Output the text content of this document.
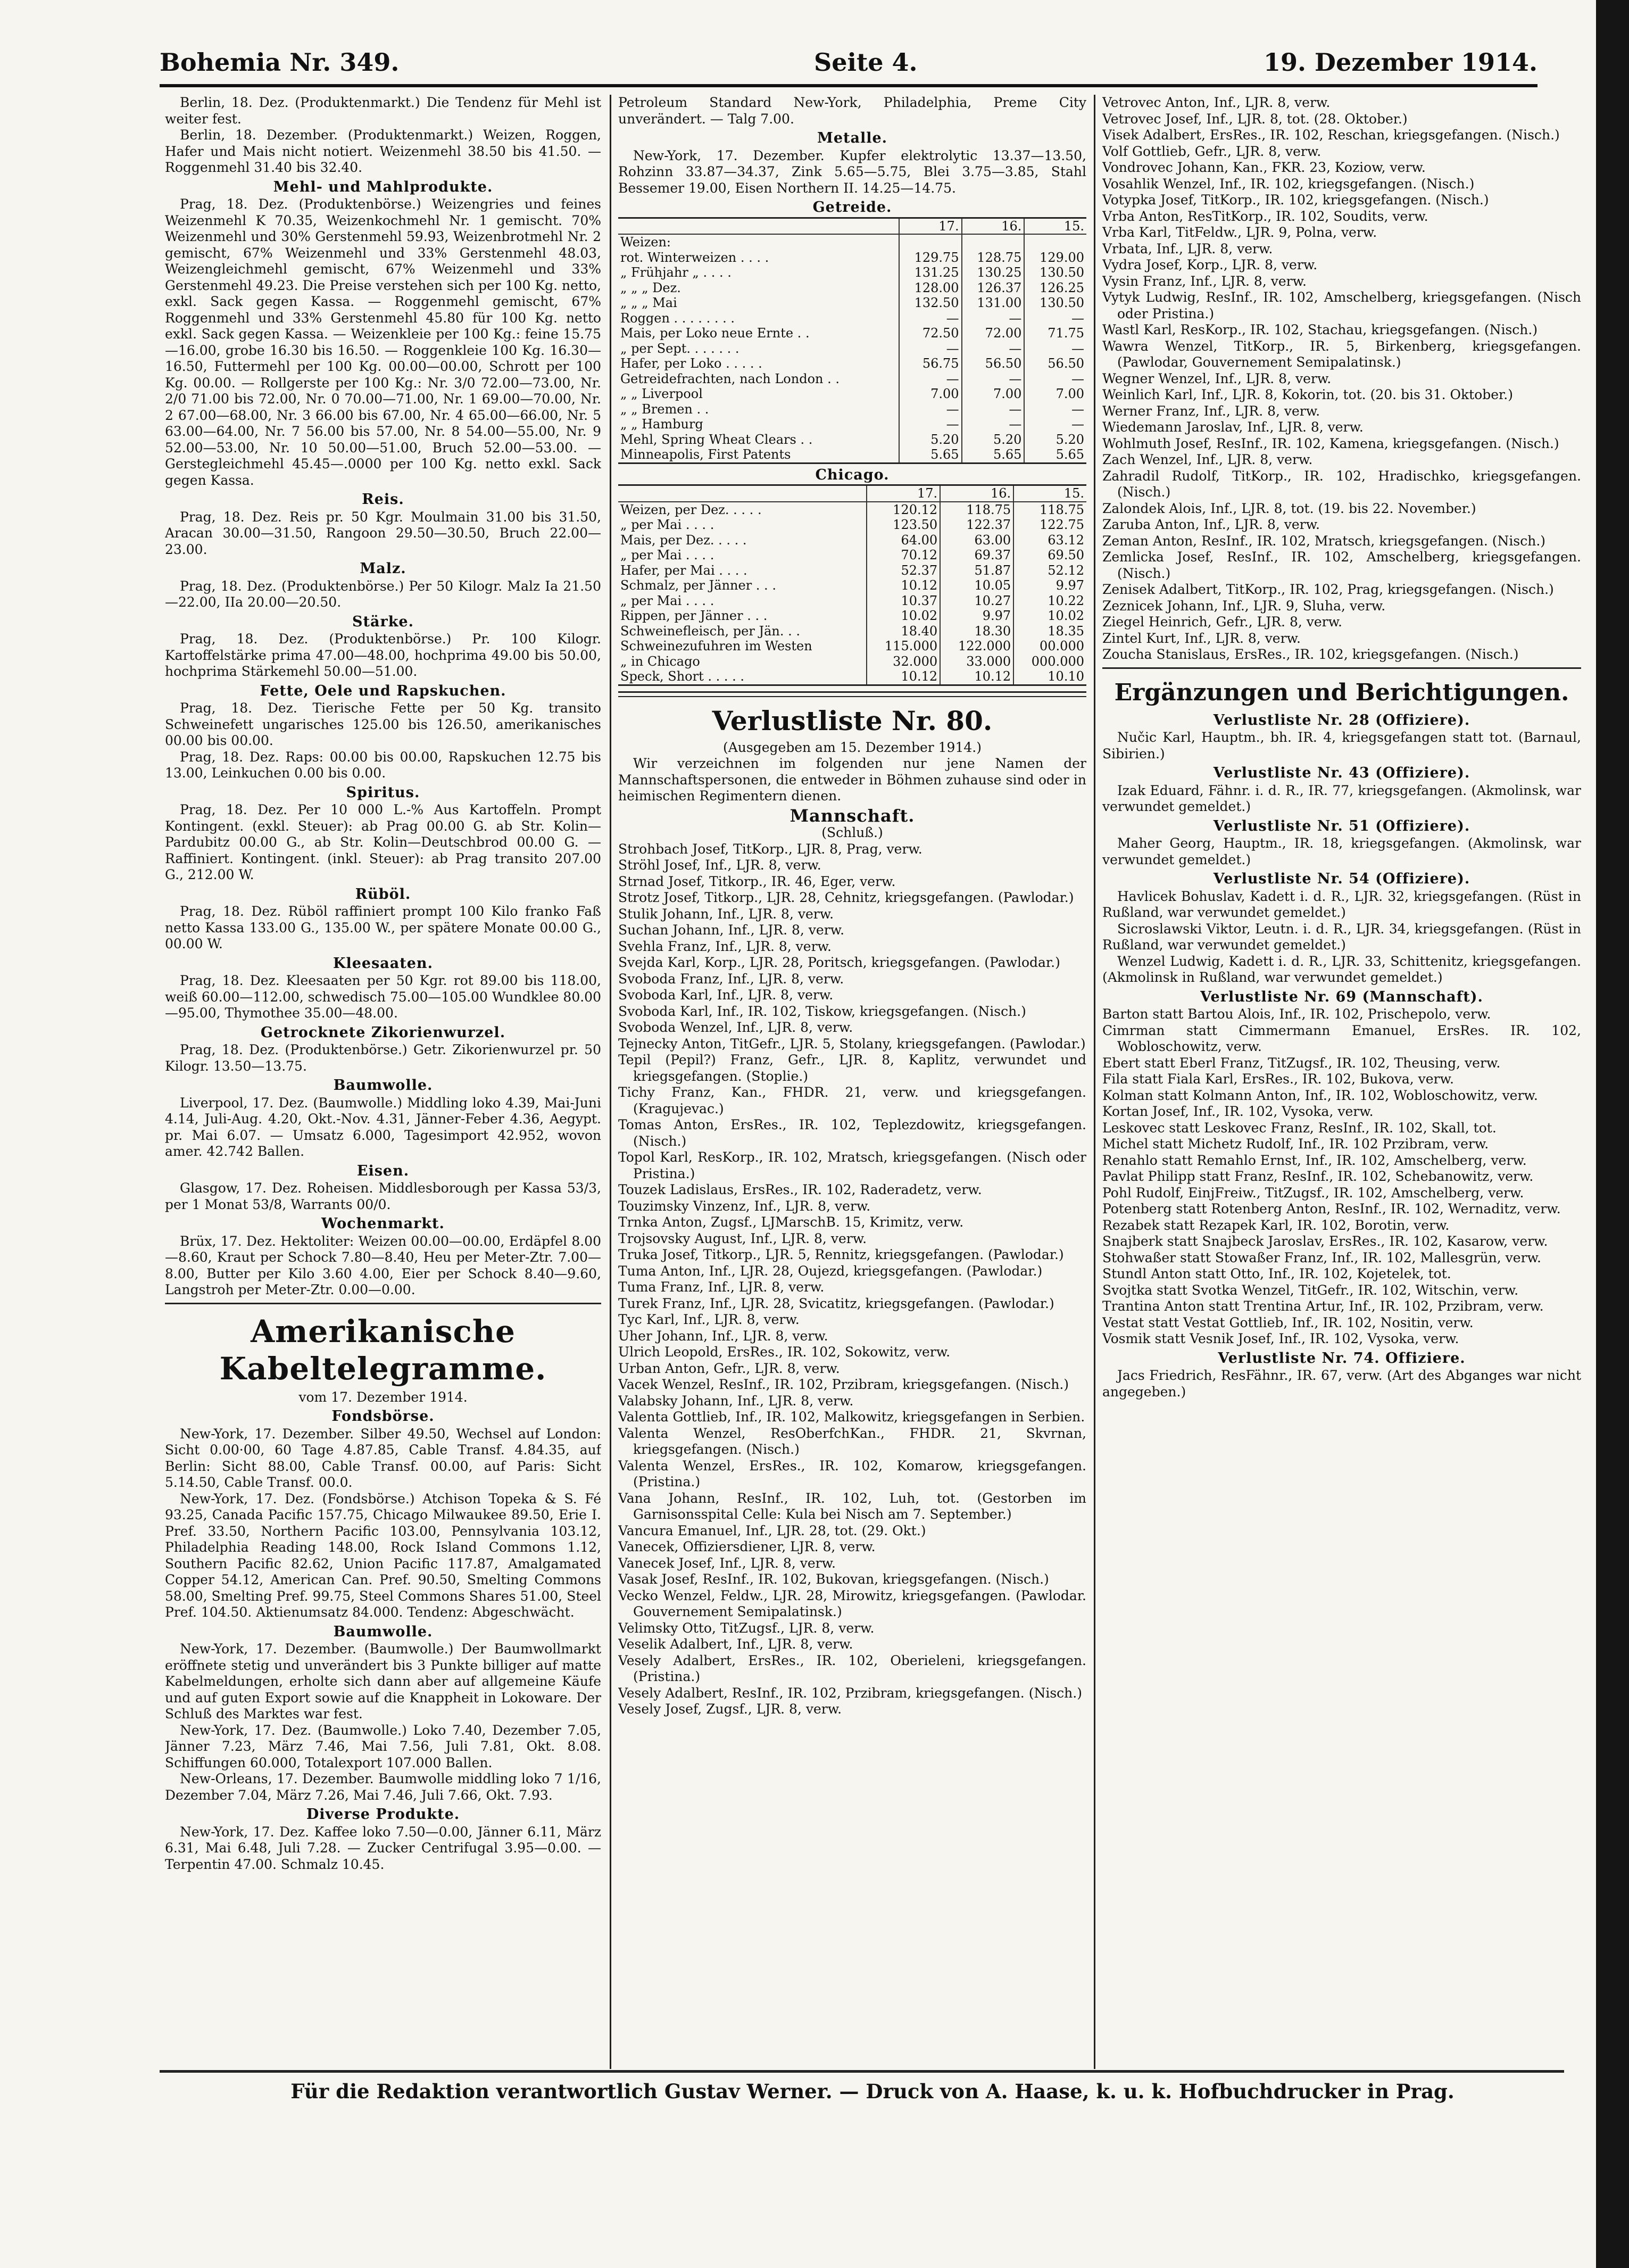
Bohemia Nr. 349.	Seite 4.	19. Dezember 1914.

Berlin, 18. Dez. (Produktenmarkt.) Die Tendenz für Mehl ist weiter fest.

Berlin, 18. Dezember. (Produktenmarkt.) Weizen, Roggen, Hafer und Mais nicht notiert. Weizenmehl 38.50 bis 41.50. — Roggenmehl 31.40 bis 32.40.

Mehl- und Mahlprodukte.

Prag, 18. Dez. (Produktenbörse.) Weizengries und feines Weizenmehl K 70.35, Weizenkochmehl Nr. 1 gemischt. 70% Weizenmehl und 30% Gerstenmehl 59.93, Weizenbrotmehl Nr. 2 gemischt, 67% Weizenmehl und 33% Gerstenmehl 48.03, Weizengleichmehl gemischt, 67% Weizenmehl und 33% Gerstenmehl 49.23. Die Preise verstehen sich per 100 Kg. netto, exkl. Sack gegen Kassa. — Roggenmehl gemischt, 67% Roggenmehl und 33% Gerstenmehl 45.80 für 100 Kg. netto exkl. Sack gegen Kassa. — Weizenkleie per 100 Kg.: feine 15.75—16.00, grobe 16.30 bis 16.50. — Roggenkleie 100 Kg. 16.30—16.50, Futtermehl per 100 Kg. 00.00—00.00, Schrott per 100 Kg. 00.00. — Rollgerste per 100 Kg.: Nr. 3/0 72.00—73.00, Nr. 2/0 71.00 bis 72.00, Nr. 0 70.00—71.00, Nr. 1 69.00—70.00, Nr. 2 67.00—68.00, Nr. 3 66.00 bis 67.00, Nr. 4 65.00—66.00, Nr. 5 63.00—64.00, Nr. 7 56.00 bis 57.00, Nr. 8 54.00—55.00, Nr. 9 52.00—53.00, Nr. 10 50.00—51.00, Bruch 52.00—53.00. — Gerstegleichmehl 45.45—.0000 per 100 Kg. netto exkl. Sack gegen Kassa.

Reis.

Prag, 18. Dez. Reis pr. 50 Kgr. Moulmain 31.00 bis 31.50, Aracan 30.00—31.50, Rangoon 29.50—30.50, Bruch 22.00—23.00.

Malz.

Prag, 18. Dez. (Produktenbörse.) Per 50 Kilogr. Malz Ia 21.50—22.00, IIa 20.00—20.50.

Stärke.

Prag, 18. Dez. (Produktenbörse.) Pr. 100 Kilogr. Kartoffelstärke prima 47.00—48.00, hochprima 49.00 bis 50.00, hochprima Stärkemehl 50.00—51.00.

Fette, Oele und Rapskuchen.

Prag, 18. Dez. Tierische Fette per 50 Kg. transito Schweinefett ungarisches 125.00 bis 126.50, amerikanisches 00.00 bis 00.00.

Prag, 18. Dez. Raps: 00.00 bis 00.00, Rapskuchen 12.75 bis 13.00, Leinkuchen 0.00 bis 0.00.

Spiritus.

Prag, 18. Dez. Per 10 000 L.-% Aus Kartoffeln. Prompt Kontingent. (exkl. Steuer): ab Prag 00.00 G. ab Str. Kolin—Pardubitz 00.00 G., ab Str. Kolin—Deutschbrod 00.00 G. — Raffiniert. Kontingent. (inkl. Steuer): ab Prag transito 207.00 G., 212.00 W.

Rüböl.

Prag, 18. Dez. Rüböl raffiniert prompt 100 Kilo franko Faß netto Kassa 133.00 G., 135.00 W., per spätere Monate 00.00 G., 00.00 W.

Kleesaaten.

Prag, 18. Dez. Kleesaaten per 50 Kgr. rot 89.00 bis 118.00, weiß 60.00—112.00, schwedisch 75.00—105.00 Wundklee 80.00—95.00, Thymothee 35.00—48.00.

Getrocknete Zikorienwurzel.

Prag, 18. Dez. (Produktenbörse.) Getr. Zikorienwurzel pr. 50 Kilogr. 13.50—13.75.

Baumwolle.

Liverpool, 17. Dez. (Baumwolle.) Middling loko 4.39, Mai-Juni 4.14, Juli-Aug. 4.20, Okt.-Nov. 4.31, Jänner-Feber 4.36, Aegypt. pr. Mai 6.07. — Umsatz 6.000, Tagesimport 42.952, wovon amer. 42.742 Ballen.

Eisen.

Glasgow, 17. Dez. Roheisen. Middlesborough per Kassa 53/3, per 1 Monat 53/8, Warrants 00/0.

Wochenmarkt.

Brüx, 17. Dez. Hektoliter: Weizen 00.00—00.00, Erdäpfel 8.00—8.60, Kraut per Schock 7.80—8.40, Heu per Meter-Ztr. 7.00—8.00, Butter per Kilo 3.60 4.00, Eier per Schock 8.40—9.60, Langstroh per Meter-Ztr. 0.00—0.00.

Amerikanische Kabeltelegramme.
vom 17. Dezember 1914.
Fondsbörse.

New-York, 17. Dezember. Silber 49.50, Wechsel auf London: Sicht 0.00·00, 60 Tage 4.87.85, Cable Transf. 4.84.35, auf Berlin: Sicht 88.00, Cable Transf. 00.00, auf Paris: Sicht 5.14.50, Cable Transf. 00.0.

New-York, 17. Dez. (Fondsbörse.) Atchison Topeka & S. Fé 93.25, Canada Pacific 157.75, Chicago Milwaukee 89.50, Erie I. Pref. 33.50, Northern Pacific 103.00, Pennsylvania 103.12, Philadelphia Reading 148.00, Rock Island Commons 1.12, Southern Pacific 82.62, Union Pacific 117.87, Amalgamated Copper 54.12, American Can. Pref. 90.50, Smelting Commons 58.00, Smelting Pref. 99.75, Steel Commons Shares 51.00, Steel Pref. 104.50. Aktienumsatz 84.000. Tendenz: Abgeschwächt.

Baumwolle.

New-York, 17. Dezember. (Baumwolle.) Der Baumwollmarkt eröffnete stetig und unverändert bis 3 Punkte billiger auf matte Kabelmeldungen, erholte sich dann aber auf allgemeine Käufe und auf guten Export sowie auf die Knappheit in Lokoware. Der Schluß des Marktes war fest.

New-York, 17. Dez. (Baumwolle.) Loko 7.40, Dezember 7.05, Jänner 7.23, März 7.46, Mai 7.56, Juli 7.81, Okt. 8.08. Schiffungen 60.000, Totalexport 107.000 Ballen.

New-Orleans, 17. Dezember. Baumwolle middling loko 7 1/16, Dezember 7.04, März 7.26, Mai 7.46, Juli 7.66, Okt. 7.93.

Diverse Produkte.

New-York, 17. Dez. Kaffee loko 7.50—0.00, Jänner 6.11, März 6.31, Mai 6.48, Juli 7.28. — Zucker Centrifugal 3.95—0.00. — Terpentin 47.00. Schmalz 10.45.

Petroleum Standard New-York, Philadelphia, Preme City unverändert. — Talg 7.00.

Metalle.

New-York, 17. Dezember. Kupfer elektrolytic 13.37—13.50, Rohzinn 33.87—34.37, Zink 5.65—5.75, Blei 3.75—3.85, Stahl Bessemer 19.00, Eisen Northern II. 14.25—14.75.

Getreide.
	17.	16.	15.
Weizen:			
rot. Winterweizen . . . .	129.75	128.75	129.00
„ Frühjahr „ . . . .	131.25	130.25	130.50
„ „ „ Dez.	128.00	126.37	126.25
„ „ „ Mai	132.50	131.00	130.50
Roggen . . . . . . . .	—	—	—
Mais, per Loko neue Ernte . .	72.50	72.00	71.75
„ per Sept. . . . . . .	—	—	—
Hafer, per Loko . . . . .	56.75	56.50	56.50
Getreidefrachten, nach London . .	—	—	—
„ „ Liverpool	7.00	7.00	7.00
„ „ Bremen . .	—	—	—
„ „ Hamburg	—	—	—
Mehl, Spring Wheat Clears . .	5.20	5.20	5.20
Minneapolis, First Patents	5.65	5.65	5.65
Chicago.
	17.	16.	15.
Weizen, per Dez. . . . .	120.12	118.75	118.75
„ per Mai . . . .	123.50	122.37	122.75
Mais, per Dez. . . . .	64.00	63.00	63.12
„ per Mai . . . .	70.12	69.37	69.50
Hafer, per Mai . . . .	52.37	51.87	52.12
Schmalz, per Jänner . . .	10.12	10.05	9.97
„ per Mai . . . .	10.37	10.27	10.22
Rippen, per Jänner . . .	10.02	9.97	10.02
Schweinefleisch, per Jän. . .	18.40	18.30	18.35
Schweinezufuhren im Westen	115.000	122.000	00.000
„ in Chicago	32.000	33.000	000.000
Speck, Short . . . . .	10.12	10.12	10.10
Verlustliste Nr. 80.
(Ausgegeben am 15. Dezember 1914.)

Wir verzeichnen im folgenden nur jene Namen der Mannschaftspersonen, die entweder in Böhmen zuhause sind oder in heimischen Regimentern dienen.

Mannschaft.
(Schluß.)

Strohbach Josef, TitKorp., LJR. 8, Prag, verw.

Ströhl Josef, Inf., LJR. 8, verw.

Strnad Josef, Titkorp., IR. 46, Eger, verw.

Strotz Josef, Titkorp., LJR. 28, Cehnitz, kriegsgefangen. (Pawlodar.)

Stulik Johann, Inf., LJR. 8, verw.

Suchan Johann, Inf., LJR. 8, verw.

Svehla Franz, Inf., LJR. 8, verw.

Svejda Karl, Korp., LJR. 28, Poritsch, kriegsgefangen. (Pawlodar.)

Svoboda Franz, Inf., LJR. 8, verw.

Svoboda Karl, Inf., LJR. 8, verw.

Svoboda Karl, Inf., IR. 102, Tiskow, kriegsgefangen. (Nisch.)

Svoboda Wenzel, Inf., LJR. 8, verw.

Tejnecky Anton, TitGefr., LJR. 5, Stolany, kriegsgefangen. (Pawlodar.)

Tepil (Pepil?) Franz, Gefr., LJR. 8, Kaplitz, verwundet und kriegsgefangen. (Stoplie.)

Tichy Franz, Kan., FHDR. 21, verw. und kriegsgefangen. (Kragujevac.)

Tomas Anton, ErsRes., IR. 102, Teplezdowitz, kriegsgefangen. (Nisch.)

Topol Karl, ResKorp., IR. 102, Mratsch, kriegsgefangen. (Nisch oder Pristina.)

Touzek Ladislaus, ErsRes., IR. 102, Raderadetz, verw.

Touzimsky Vinzenz, Inf., LJR. 8, verw.

Trnka Anton, Zugsf., LJMarschB. 15, Krimitz, verw.

Trojsovsky August, Inf., LJR. 8, verw.

Truka Josef, Titkorp., LJR. 5, Rennitz, kriegsgefangen. (Pawlodar.)

Tuma Anton, Inf., LJR. 28, Oujezd, kriegsgefangen. (Pawlodar.)

Tuma Franz, Inf., LJR. 8, verw.

Turek Franz, Inf., LJR. 28, Svicatitz, kriegsgefangen. (Pawlodar.)

Tyc Karl, Inf., LJR. 8, verw.

Uher Johann, Inf., LJR. 8, verw.

Ulrich Leopold, ErsRes., IR. 102, Sokowitz, verw.

Urban Anton, Gefr., LJR. 8, verw.

Vacek Wenzel, ResInf., IR. 102, Przibram, kriegsgefangen. (Nisch.)

Valabsky Johann, Inf., LJR. 8, verw.

Valenta Gottlieb, Inf., IR. 102, Malkowitz, kriegsgefangen in Serbien.

Valenta Wenzel, ResOberfchKan., FHDR. 21, Skvrnan, kriegsgefangen. (Nisch.)

Valenta Wenzel, ErsRes., IR. 102, Komarow, kriegsgefangen. (Pristina.)

Vana Johann, ResInf., IR. 102, Luh, tot. (Gestorben im Garnisonsspital Celle: Kula bei Nisch am 7. September.)

Vancura Emanuel, Inf., LJR. 28, tot. (29. Okt.)

Vanecek, Offiziersdiener, LJR. 8, verw.

Vanecek Josef, Inf., LJR. 8, verw.

Vasak Josef, ResInf., IR. 102, Bukovan, kriegsgefangen. (Nisch.)

Vecko Wenzel, Feldw., LJR. 28, Mirowitz, kriegsgefangen. (Pawlodar. Gouvernement Semipalatinsk.)

Velimsky Otto, TitZugsf., LJR. 8, verw.

Veselik Adalbert, Inf., LJR. 8, verw.

Vesely Adalbert, ErsRes., IR. 102, Oberieleni, kriegsgefangen. (Pristina.)

Vesely Adalbert, ResInf., IR. 102, Przibram, kriegsgefangen. (Nisch.)

Vesely Josef, Zugsf., LJR. 8, verw.

Vetrovec Anton, Inf., LJR. 8, verw.

Vetrovec Josef, Inf., LJR. 8, tot. (28. Oktober.)

Visek Adalbert, ErsRes., IR. 102, Reschan, kriegsgefangen. (Nisch.)

Volf Gottlieb, Gefr., LJR. 8, verw.

Vondrovec Johann, Kan., FKR. 23, Koziow, verw.

Vosahlik Wenzel, Inf., IR. 102, kriegsgefangen. (Nisch.)

Votypka Josef, TitKorp., IR. 102, kriegsgefangen. (Nisch.)

Vrba Anton, ResTitKorp., IR. 102, Soudits, verw.

Vrba Karl, TitFeldw., LJR. 9, Polna, verw.

Vrbata, Inf., LJR. 8, verw.

Vydra Josef, Korp., LJR. 8, verw.

Vysin Franz, Inf., LJR. 8, verw.

Vytyk Ludwig, ResInf., IR. 102, Amschelberg, kriegsgefangen. (Nisch oder Pristina.)

Wastl Karl, ResKorp., IR. 102, Stachau, kriegsgefangen. (Nisch.)

Wawra Wenzel, TitKorp., IR. 5, Birkenberg, kriegsgefangen. (Pawlodar, Gouvernement Semipalatinsk.)

Wegner Wenzel, Inf., LJR. 8, verw.

Weinlich Karl, Inf., LJR. 8, Kokorin, tot. (20. bis 31. Oktober.)

Werner Franz, Inf., LJR. 8, verw.

Wiedemann Jaroslav, Inf., LJR. 8, verw.

Wohlmuth Josef, ResInf., IR. 102, Kamena, kriegsgefangen. (Nisch.)

Zach Wenzel, Inf., LJR. 8, verw.

Zahradil Rudolf, TitKorp., IR. 102, Hradischko, kriegsgefangen. (Nisch.)

Zalondek Alois, Inf., LJR. 8, tot. (19. bis 22. November.)

Zaruba Anton, Inf., LJR. 8, verw.

Zeman Anton, ResInf., IR. 102, Mratsch, kriegsgefangen. (Nisch.)

Zemlicka Josef, ResInf., IR. 102, Amschelberg, kriegsgefangen. (Nisch.)

Zenisek Adalbert, TitKorp., IR. 102, Prag, kriegsgefangen. (Nisch.)

Zeznicek Johann, Inf., LJR. 9, Sluha, verw.

Ziegel Heinrich, Gefr., LJR. 8, verw.

Zintel Kurt, Inf., LJR. 8, verw.

Zoucha Stanislaus, ErsRes., IR. 102, kriegsgefangen. (Nisch.)

Ergänzungen und Berichtigungen.
Verlustliste Nr. 28 (Offiziere).

Nučic Karl, Hauptm., bh. IR. 4, kriegsgefangen statt tot. (Barnaul, Sibirien.)

Verlustliste Nr. 43 (Offiziere).

Izak Eduard, Fähnr. i. d. R., IR. 77, kriegsgefangen. (Akmolinsk, war verwundet gemeldet.)

Verlustliste Nr. 51 (Offiziere).

Maher Georg, Hauptm., IR. 18, kriegsgefangen. (Akmolinsk, war verwundet gemeldet.)

Verlustliste Nr. 54 (Offiziere).

Havlicek Bohuslav, Kadett i. d. R., LJR. 32, kriegsgefangen. (Rüst in Rußland, war verwundet gemeldet.)

Sicroslawski Viktor, Leutn. i. d. R., LJR. 34, kriegsgefangen. (Rüst in Rußland, war verwundet gemeldet.)

Wenzel Ludwig, Kadett i. d. R., LJR. 33, Schittenitz, kriegsgefangen. (Akmolinsk in Rußland, war verwundet gemeldet.)

Verlustliste Nr. 69 (Mannschaft).

Barton statt Bartou Alois, Inf., IR. 102, Prischepolo, verw.

Cimrman statt Cimmermann Emanuel, ErsRes. IR. 102, Wobloschowitz, verw.

Ebert statt Eberl Franz, TitZugsf., IR. 102, Theusing, verw.

Fila statt Fiala Karl, ErsRes., IR. 102, Bukova, verw.

Kolman statt Kolmann Anton, Inf., IR. 102, Wobloschowitz, verw.

Kortan Josef, Inf., IR. 102, Vysoka, verw.

Leskovec statt Leskovec Franz, ResInf., IR. 102, Skall, tot.

Michel statt Michetz Rudolf, Inf., IR. 102 Przibram, verw.

Renahlo statt Remahlo Ernst, Inf., IR. 102, Amschelberg, verw.

Pavlat Philipp statt Franz, ResInf., IR. 102, Schebanowitz, verw.

Pohl Rudolf, EinjFreiw., TitZugsf., IR. 102, Amschelberg, verw.

Potenberg statt Rotenberg Anton, ResInf., IR. 102, Wernaditz, verw.

Rezabek statt Rezapek Karl, IR. 102, Borotin, verw.

Snajberk statt Snajbeck Jaroslav, ErsRes., IR. 102, Kasarow, verw.

Stohwaßer statt Stowaßer Franz, Inf., IR. 102, Mallesgrün, verw.

Stundl Anton statt Otto, Inf., IR. 102, Kojetelek, tot.

Svojtka statt Svotka Wenzel, TitGefr., IR. 102, Witschin, verw.

Trantina Anton statt Trentina Artur, Inf., IR. 102, Przibram, verw.

Vestat statt Vestat Gottlieb, Inf., IR. 102, Nositin, verw.

Vosmik statt Vesnik Josef, Inf., IR. 102, Vysoka, verw.

Verlustliste Nr. 74. Offiziere.

Jacs Friedrich, ResFähnr., IR. 67, verw. (Art des Abganges war nicht angegeben.)

Für die Redaktion verantwortlich Gustav Werner. — Druck von A. Haase, k. u. k. Hofbuchdrucker in Prag.
